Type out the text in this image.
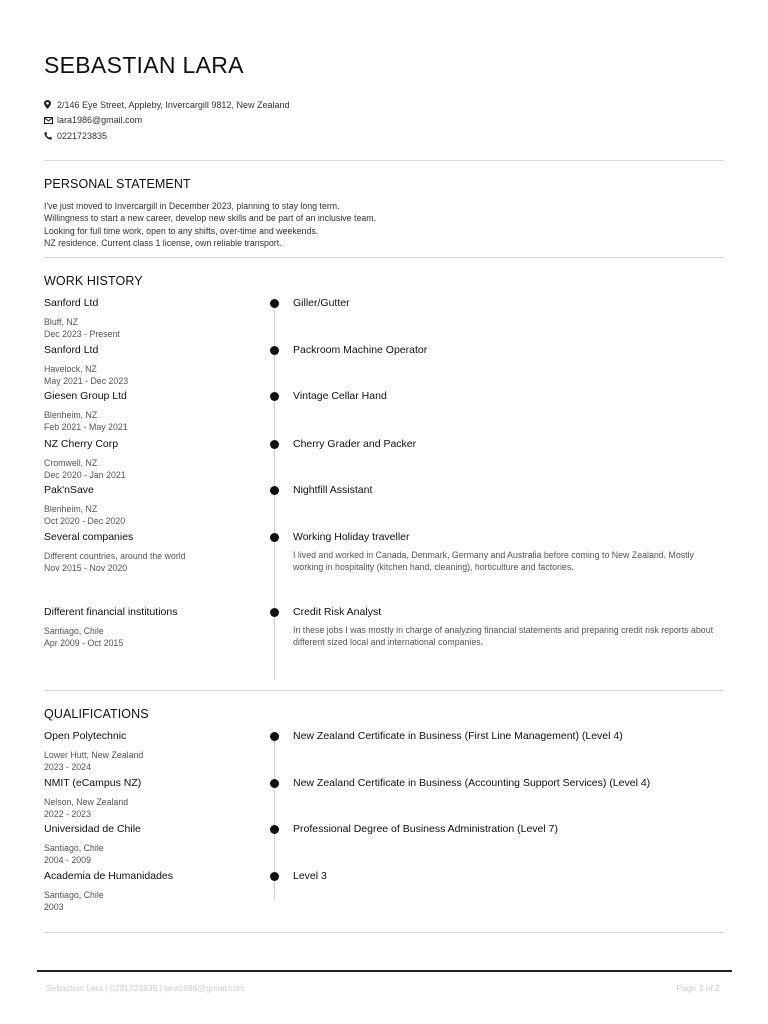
SEBASTIAN LARA
2/146 Eye Street, Appleby, Invercargill 9812, New Zealand
lara1986@gmail.com
0221723835
PERSONAL STATEMENT
I've just moved to Invercargill in December 2023, planning to stay long term.
Willingness to start a new career, develop new skills and be part of an inclusive team.
Looking for full time work, open to any shifts, over-time and weekends.
NZ residence. Current class 1 license, own reliable transport.
WORK HISTORY
Sanford Ltd
Bluff, NZ
Dec 2023 - Present
Giller/Gutter
Sanford Ltd
Havelock, NZ
May 2021 - Dec 2023
Packroom Machine Operator
Giesen Group Ltd
Blenheim, NZ
Feb 2021 - May 2021
Vintage Cellar Hand
NZ Cherry Corp
Cromwell, NZ
Dec 2020 - Jan 2021
Cherry Grader and Packer
Pak'nSave
Blenheim, NZ
Oct 2020 - Dec 2020
Nightfill Assistant
Several companies
Different countries, around the world
Nov 2015 - Nov 2020
Working Holiday traveller
I lived and worked in Canada, Denmark, Germany and Australia before coming to New Zealand. Mostly working in hospitality (kitchen hand, cleaning), horticulture and factories.
Different financial institutions
Santiago, Chile
Apr 2009 - Oct 2015
Credit Risk Analyst
In these jobs I was mostly in charge of analyzing financial statements and preparing credit risk reports about different sized local and international companies.
QUALIFICATIONS
Open Polytechnic
Lower Hutt, New Zealand
2023 - 2024
New Zealand Certificate in Business (First Line Management) (Level 4)
NMIT (eCampus NZ)
Nelson, New Zealand
2022 - 2023
New Zealand Certificate in Business (Accounting Support Services) (Level 4)
Universidad de Chile
Santiago, Chile
2004 - 2009
Professional Degree of Business Administration (Level 7)
Academia de Humanidades
Santiago, Chile
2003
Level 3
Sebastian Lara | 0221723835 | lara1986@gmail.com	Page 1 of 2
